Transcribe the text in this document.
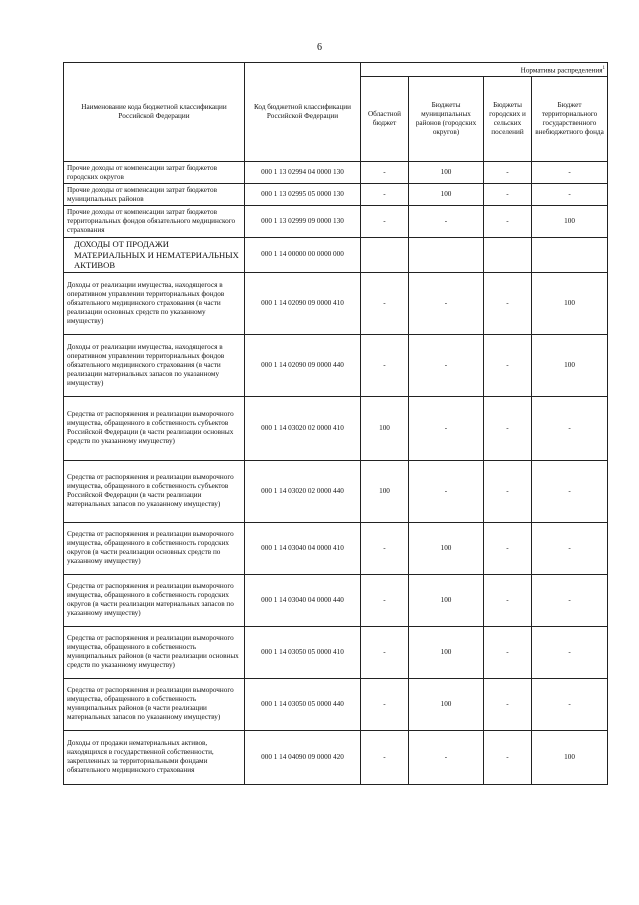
6
Наименование кода бюджетной классификации Российской Федерации	Код бюджетной классификации Российской Федерации	Нормативы распределения$^1$
		Областной бюджет	Бюджеты муниципальных районов (городских округов)	Бюджеты городских и сельских поселений	Бюджет территориального государственного внебюджетного фонда
Прочие доходы от компенсации затрат бюджетов городских округов	000 1 13 02994 04 0000 130	-	100	-	-
Прочие доходы от компенсации затрат бюджетов муниципальных районов	000 1 13 02995 05 0000 130	-	100	-	-
Прочие доходы от компенсации затрат бюджетов территориальных фондов обязательного медицинского страхования	000 1 13 02999 09 0000 130	-	-	-	100
ДОХОДЫ ОТ ПРОДАЖИ МАТЕРИАЛЬНЫХ И НЕМАТЕРИАЛЬНЫХ АКТИВОВ	000 1 14 00000 00 0000 000				
Доходы от реализации имущества, находящегося в оперативном управлении территориальных фондов обязательного медицинского страхования (в части реализации основных средств по указанному имуществу)	000 1 14 02090 09 0000 410	-	-	-	100
Доходы от реализации имущества, находящегося в оперативном управлении территориальных фондов обязательного медицинского страхования (в части реализации материальных запасов по указанному имуществу)	000 1 14 02090 09 0000 440	-	-	-	100
Средства от распоряжения и реализации выморочного имущества, обращенного в собственность субъектов Российской Федерации (в части реализации основных средств по указанному имуществу)	000 1 14 03020 02 0000 410	100	-	-	-
Средства от распоряжения и реализации выморочного имущества, обращенного в собственность субъектов Российской Федерации (в части реализации материальных запасов по указанному имуществу)	000 1 14 03020 02 0000 440	100	-	-	-
Средства от распоряжения и реализации выморочного имущества, обращенного в собственность городских округов (в части реализации основных средств по указанному имуществу)	000 1 14 03040 04 0000 410	-	100	-	-
Средства от распоряжения и реализации выморочного имущества, обращенного в собственность городских округов (в части реализации материальных запасов по указанному имуществу)	000 1 14 03040 04 0000 440	-	100	-	-
Средства от распоряжения и реализации выморочного имущества, обращенного в собственность муниципальных районов (в части реализации основных средств по указанному имуществу)	000 1 14 03050 05 0000 410	-	100	-	-
Средства от распоряжения и реализации выморочного имущества, обращенного в собственность муниципальных районов (в части реализации материальных запасов по указанному имуществу)	000 1 14 03050 05 0000 440	-	100	-	-
Доходы от продажи нематериальных активов, находящихся в государственной собственности, закрепленных за территориальными фондами обязательного медицинского страхования	000 1 14 04090 09 0000 420	-	-	-	100
